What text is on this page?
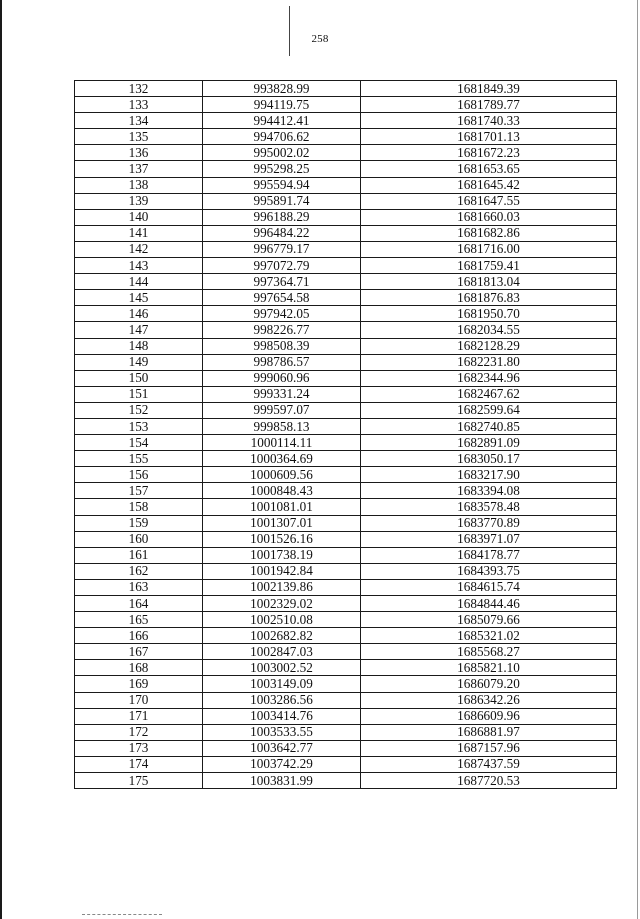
258
132	993828.99	1681849.39
133	994119.75	1681789.77
134	994412.41	1681740.33
135	994706.62	1681701.13
136	995002.02	1681672.23
137	995298.25	1681653.65
138	995594.94	1681645.42
139	995891.74	1681647.55
140	996188.29	1681660.03
141	996484.22	1681682.86
142	996779.17	1681716.00
143	997072.79	1681759.41
144	997364.71	1681813.04
145	997654.58	1681876.83
146	997942.05	1681950.70
147	998226.77	1682034.55
148	998508.39	1682128.29
149	998786.57	1682231.80
150	999060.96	1682344.96
151	999331.24	1682467.62
152	999597.07	1682599.64
153	999858.13	1682740.85
154	1000114.11	1682891.09
155	1000364.69	1683050.17
156	1000609.56	1683217.90
157	1000848.43	1683394.08
158	1001081.01	1683578.48
159	1001307.01	1683770.89
160	1001526.16	1683971.07
161	1001738.19	1684178.77
162	1001942.84	1684393.75
163	1002139.86	1684615.74
164	1002329.02	1684844.46
165	1002510.08	1685079.66
166	1002682.82	1685321.02
167	1002847.03	1685568.27
168	1003002.52	1685821.10
169	1003149.09	1686079.20
170	1003286.56	1686342.26
171	1003414.76	1686609.96
172	1003533.55	1686881.97
173	1003642.77	1687157.96
174	1003742.29	1687437.59
175	1003831.99	1687720.53
